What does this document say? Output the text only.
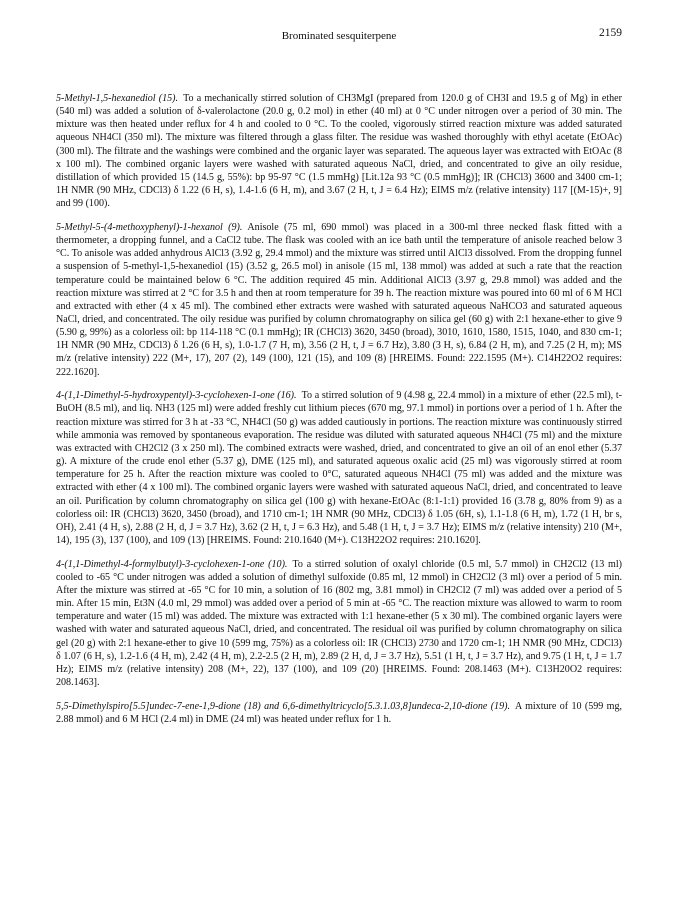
Brominated sesquiterpene	2159

5-Methyl-1,5-hexanediol (15).  To a mechanically stirred solution of CH3MgI (prepared from 120.0 g of CH3I and 19.5 g of Mg) in ether (540 ml) was added a solution of δ-valerolactone (20.0 g, 0.2 mol) in ether (40 ml) at 0 °C under nitrogen over a period of 30 min. The mixture was then heated under reflux for 4 h and cooled to 0 °C. To the cooled, vigorously stirred reaction mixture was added saturated aqueous NH4Cl (350 ml). The mixture was filtered through a glass filter. The residue was washed thoroughly with ethyl acetate (EtOAc) (300 ml). The filtrate and the washings were combined and the organic layer was separated. The aqueous layer was extracted with EtOAc (8 x 100 ml). The combined organic layers were washed with saturated aqueous NaCl, dried, and concentrated to give an oily residue, distillation of which provided 15 (14.5 g, 55%): bp 95-97 °C (1.5 mmHg) [Lit.12a 93 °C (0.5 mmHg)]; IR (CHCl3) 3600 and 3400 cm-1; 1H NMR (90 MHz, CDCl3) δ 1.22 (6 H, s), 1.4-1.6 (6 H, m), and 3.67 (2 H, t, J = 6.4 Hz); EIMS m/z (relative intensity) 117 [(M-15)+, 9] and 99 (100).

5-Methyl-5-(4-methoxyphenyl)-1-hexanol (9).  Anisole (75 ml, 690 mmol) was placed in a 300-ml three necked flask fitted with a thermometer, a dropping funnel, and a CaCl2 tube. The flask was cooled with an ice bath until the temperature of anisole reached below 3 °C. To anisole was added anhydrous AlCl3 (3.92 g, 29.4 mmol) and the mixture was stirred until AlCl3 dissolved. From the dropping funnel a suspension of 5-methyl-1,5-hexanediol (15) (3.52 g, 26.5 mol) in anisole (15 ml, 138 mmol) was added at such a rate that the reaction temperature could be maintained below 6 °C. The addition required 45 min. Additional AlCl3 (3.97 g, 29.8 mmol) was added and the reaction mixture was stirred at 2 °C for 3.5 h and then at room temperature for 39 h. The reaction mixture was poured into 60 ml of 6 M HCl and extracted with ether (4 x 45 ml). The combined ether extracts were washed with saturated aqueous NaHCO3 and saturated aqueous NaCl, dried, and concentrated. The oily residue was purified by column chromatography on silica gel (60 g) with 2:1 hexane-ether to give 9 (5.90 g, 99%) as a colorless oil: bp 114-118 °C (0.1 mmHg); IR (CHCl3) 3620, 3450 (broad), 3010, 1610, 1580, 1515, 1040, and 830 cm-1; 1H NMR (90 MHz, CDCl3) δ 1.26 (6 H, s), 1.0-1.7 (7 H, m), 3.56 (2 H, t, J = 6.7 Hz), 3.80 (3 H, s), 6.84 (2 H, m), and 7.25 (2 H, m); MS m/z (relative intensity) 222 (M+, 17), 207 (2), 149 (100), 121 (15), and 109 (8) [HREIMS. Found: 222.1595 (M+). C14H22O2 requires: 222.1620].

4-(1,1-Dimethyl-5-hydroxypentyl)-3-cyclohexen-1-one (16).  To a stirred solution of 9 (4.98 g, 22.4 mmol) in a mixture of ether (22.5 ml), t-BuOH (8.5 ml), and liq. NH3 (125 ml) were added freshly cut lithium pieces (670 mg, 97.1 mmol) in portions over a period of 1 h. After the reaction mixture was stirred for 3 h at -33 °C, NH4Cl (50 g) was added cautiously in portions. The reaction mixture was continuously stirred while ammonia was removed by spontaneous evaporation. The residue was diluted with saturated aqueous NH4Cl (75 ml) and the mixture was extracted with CH2Cl2 (3 x 250 ml). The combined extracts were washed, dried, and concentrated to give an oil of an enol ether (5.37 g). A mixture of the crude enol ether (5.37 g), DME (125 ml), and saturated aqueous oxalic acid (25 ml) was vigorously stirred at room temperature for 25 h. After the reaction mixture was cooled to 0°C, saturated aqueous NH4Cl (75 ml) was added and the mixture was extracted with ether (4 x 100 ml). The combined organic layers were washed with saturated aqueous NaCl, dried, and concentrated to leave an oil. Purification by column chromatography on silica gel (100 g) with hexane-EtOAc (8:1-1:1) provided 16 (3.78 g, 80% from 9) as a colorless oil: IR (CHCl3) 3620, 3450 (broad), and 1710 cm-1; 1H NMR (90 MHz, CDCl3) δ 1.05 (6H, s), 1.1-1.8 (6 H, m), 1.72 (1 H, br s, OH), 2.41 (4 H, s), 2.88 (2 H, d, J = 3.7 Hz), 3.62 (2 H, t, J = 6.3 Hz), and 5.48 (1 H, t, J = 3.7 Hz); EIMS m/z (relative intensity) 210 (M+, 14), 195 (3), 137 (100), and 109 (13) [HREIMS. Found: 210.1640 (M+). C13H22O2 requires: 210.1620].

4-(1,1-Dimethyl-4-formylbutyl)-3-cyclohexen-1-one (10).  To a stirred solution of oxalyl chloride (0.5 ml, 5.7 mmol) in CH2Cl2 (13 ml) cooled to -65 °C under nitrogen was added a solution of dimethyl sulfoxide (0.85 ml, 12 mmol) in CH2Cl2 (3 ml) over a period of 5 min. After the mixture was stirred at -65 °C for 10 min, a solution of 16 (802 mg, 3.81 mmol) in CH2Cl2 (7 ml) was added over a period of 5 min. After 15 min, Et3N (4.0 ml, 29 mmol) was added over a period of 5 min at -65 °C. The reaction mixture was allowed to warm to room temperature and water (15 ml) was added. The mixture was extracted with 1:1 hexane-ether (5 x 30 ml). The combined organic layers were washed with water and saturated aqueous NaCl, dried, and concentrated. The residual oil was purified by column chromatography on silica gel (20 g) with 2:1 hexane-ether to give 10 (599 mg, 75%) as a colorless oil: IR (CHCl3) 2730 and 1720 cm-1; 1H NMR (90 MHz, CDCl3) δ 1.07 (6 H, s), 1.2-1.6 (4 H, m), 2.42 (4 H, m), 2.2-2.5 (2 H, m), 2.89 (2 H, d, J = 3.7 Hz), 5.51 (1 H, t, J = 3.7 Hz), and 9.75 (1 H, t, J = 1.7 Hz); EIMS m/z (relative intensity) 208 (M+, 22), 137 (100), and 109 (20) [HREIMS. Found: 208.1463 (M+). C13H20O2 requires: 208.1463].

5,5-Dimethylspiro[5.5]undec-7-ene-1,9-dione (18) and 6,6-dimethyltricyclo[5.3.1.03,8]undeca-2,10-dione (19).  A mixture of 10 (599 mg, 2.88 mmol) and 6 M HCl (2.4 ml) in DME (24 ml) was heated under reflux for 1 h.
